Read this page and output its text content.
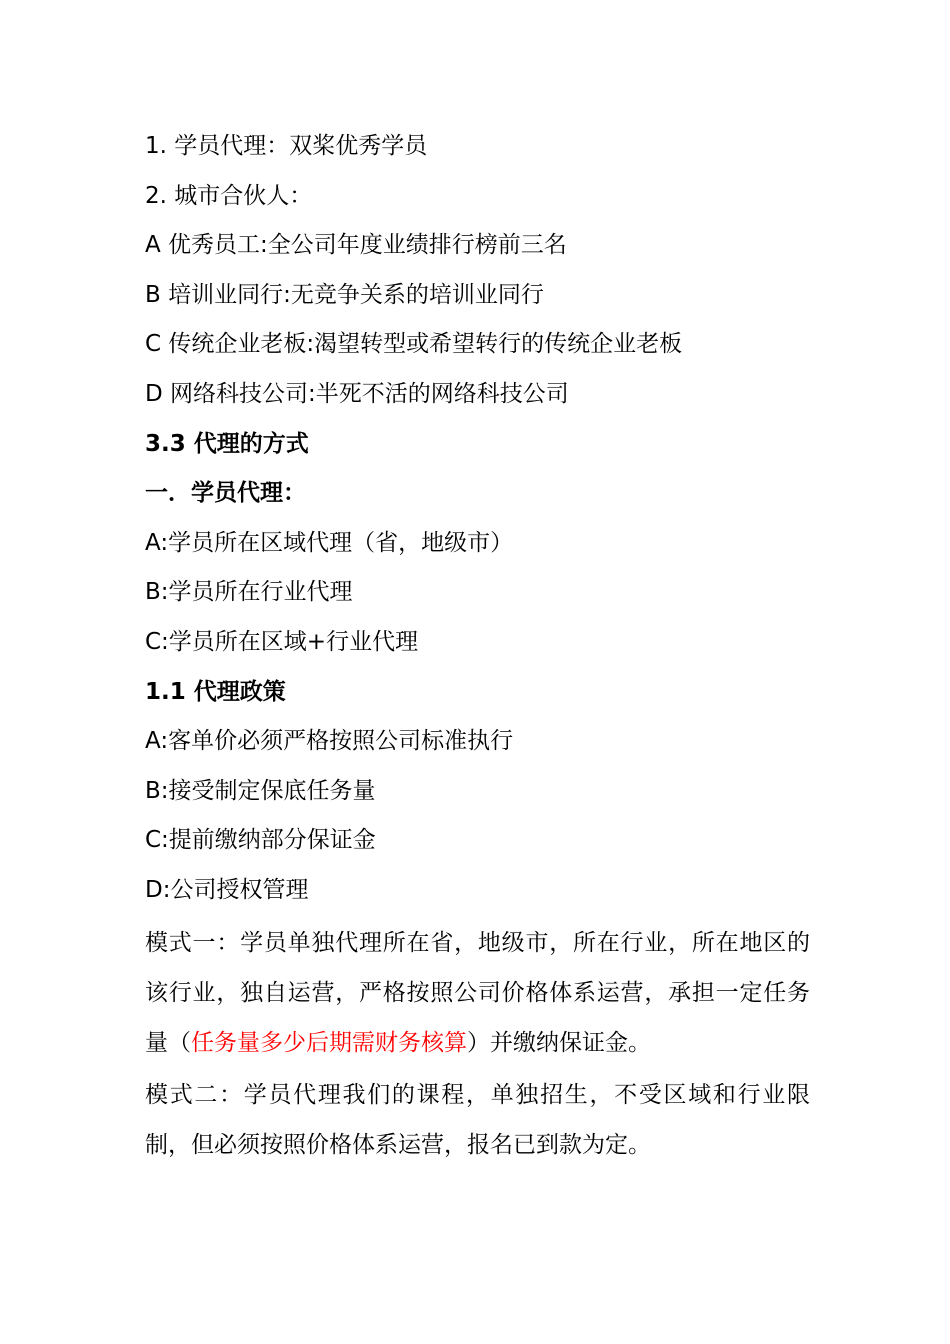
1. 学员代理：双桨优秀学员
2. 城市合伙人：
A 优秀员工:全公司年度业绩排行榜前三名
B 培训业同行:无竞争关系的培训业同行
C 传统企业老板:渴望转型或希望转行的传统企业老板
D 网络科技公司:半死不活的网络科技公司
3.3 代理的方式
一．学员代理：
A:学员所在区域代理（省，地级市）
B:学员所在行业代理
C:学员所在区域+行业代理
1.1 代理政策
A:客单价必须严格按照公司标准执行
B:接受制定保底任务量
C:提前缴纳部分保证金
D:公司授权管理
模式一：学员单独代理所在省，地级市，所在行业，所在地区的该行业，独自运营，严格按照公司价格体系运营，承担一定任务量（任务量多少后期需财务核算）并缴纳保证金。
模式二：学员代理我们的课程，单独招生，不受区域和行业限制，但必须按照价格体系运营，报名已到款为定。
